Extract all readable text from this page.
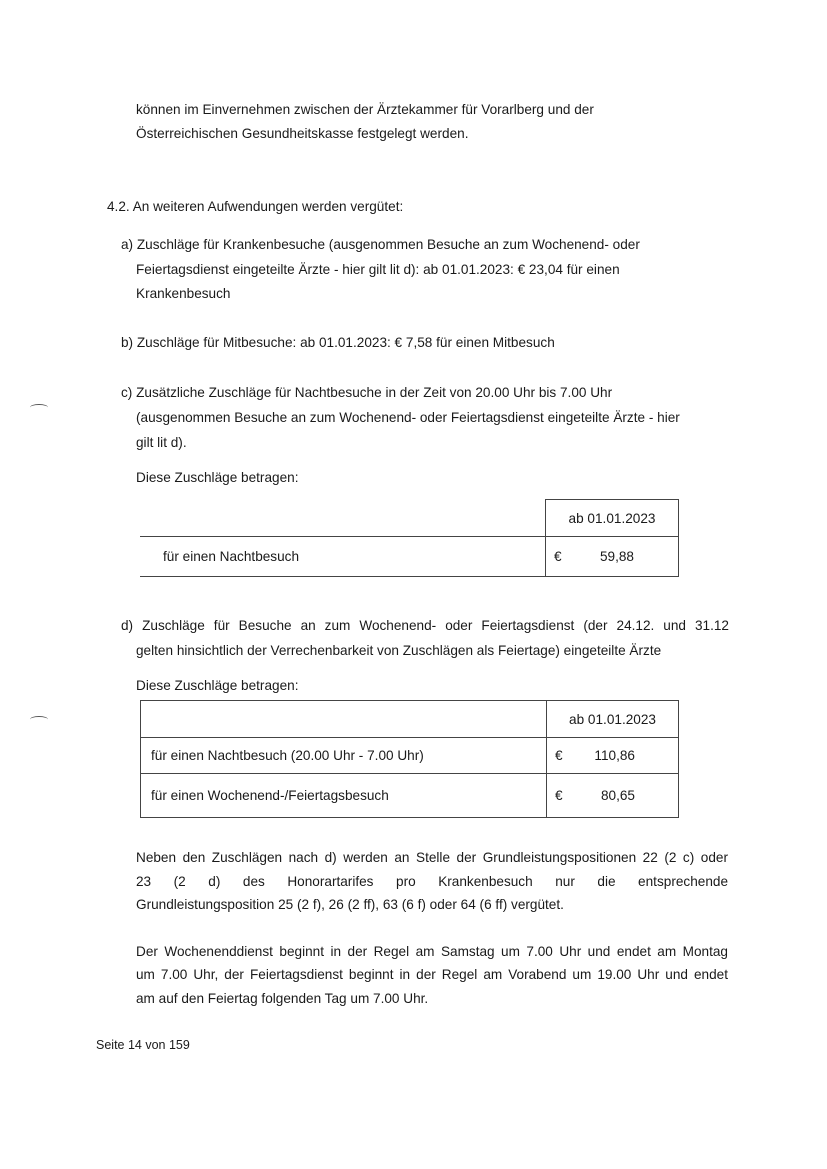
können im Einvernehmen zwischen der Ärztekammer für Vorarlberg und der
Österreichischen Gesundheitskasse festgelegt werden.
4.2. An weiteren Aufwendungen werden vergütet:
a) Zuschläge für Krankenbesuche (ausgenommen Besuche an zum Wochenend- oder
Feiertagsdienst eingeteilte Ärzte - hier gilt lit d): ab 01.01.2023: € 23,04 für einen
Krankenbesuch
b) Zuschläge für Mitbesuche: ab 01.01.2023: € 7,58 für einen Mitbesuch
c) Zusätzliche Zuschläge für Nachtbesuche in der Zeit von 20.00 Uhr bis 7.00 Uhr
(ausgenommen Besuche an zum Wochenend- oder Feiertagsdienst eingeteilte Ärzte - hier
gilt lit d).
Diese Zuschläge betragen:
	ab 01.01.2023
für einen Nachtbesuch	€ 59,88
d) Zuschläge für Besuche an zum Wochenend- oder Feiertagsdienst (der 24.12. und 31.12
gelten hinsichtlich der Verrechenbarkeit von Zuschlägen als Feiertage) eingeteilte Ärzte
Diese Zuschläge betragen:
	ab 01.01.2023
für einen Nachtbesuch (20.00 Uhr - 7.00 Uhr)	€ 110,86
für einen Wochenend-/Feiertagsbesuch	€ 80,65
Neben den Zuschlägen nach d) werden an Stelle der Grundleistungspositionen 22 (2 c) oder
23 (2 d) des Honorartarifes pro Krankenbesuch nur die entsprechende
Grundleistungsposition 25 (2 f), 26 (2 ff), 63 (6 f) oder 64 (6 ff) vergütet.
Der Wochenenddienst beginnt in der Regel am Samstag um 7.00 Uhr und endet am Montag
um 7.00 Uhr, der Feiertagsdienst beginnt in der Regel am Vorabend um 19.00 Uhr und endet
am auf den Feiertag folgenden Tag um 7.00 Uhr.
Seite 14 von 159
